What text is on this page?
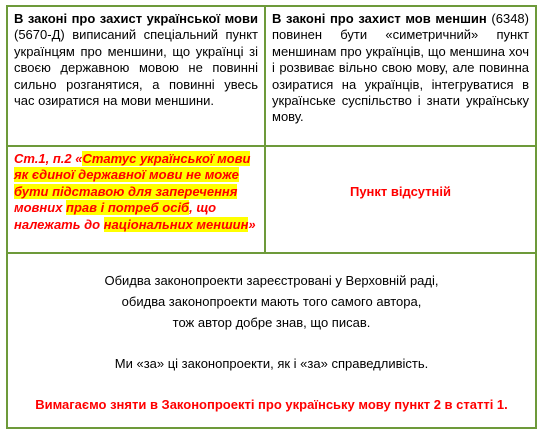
В законі про захист української мови (5670-Д) виписаний спеціальний пункт українцям про меншини, що українці зі своєю державною мовою не повинні сильно розганятися, а повинні увесь час озиратися на мови меншини.
В законі про захист мов меншин (6348) повинен бути «симетричний» пункт меншинам про українців, що меншина хоч і розвиває вільно свою мову, але повинна озиратися на українців, інтегруватися в українське суспільство і знати українську мову.
Ст.1, п.2 «Статус української мови як єдиної державної мови не може бути підставою для заперечення мовних прав і потреб осіб, що належать до національних меншин»
Пункт відсутній

Обидва законопроекти зареєстровані у Верховній раді,

обидва законопроекти мають того самого автора,

тож автор добре знав, що писав.

Ми «за» ці законопроекти, як і «за» справедливість.

Вимагаємо зняти в Законопроекті про українську мову пункт 2 в статті 1.
